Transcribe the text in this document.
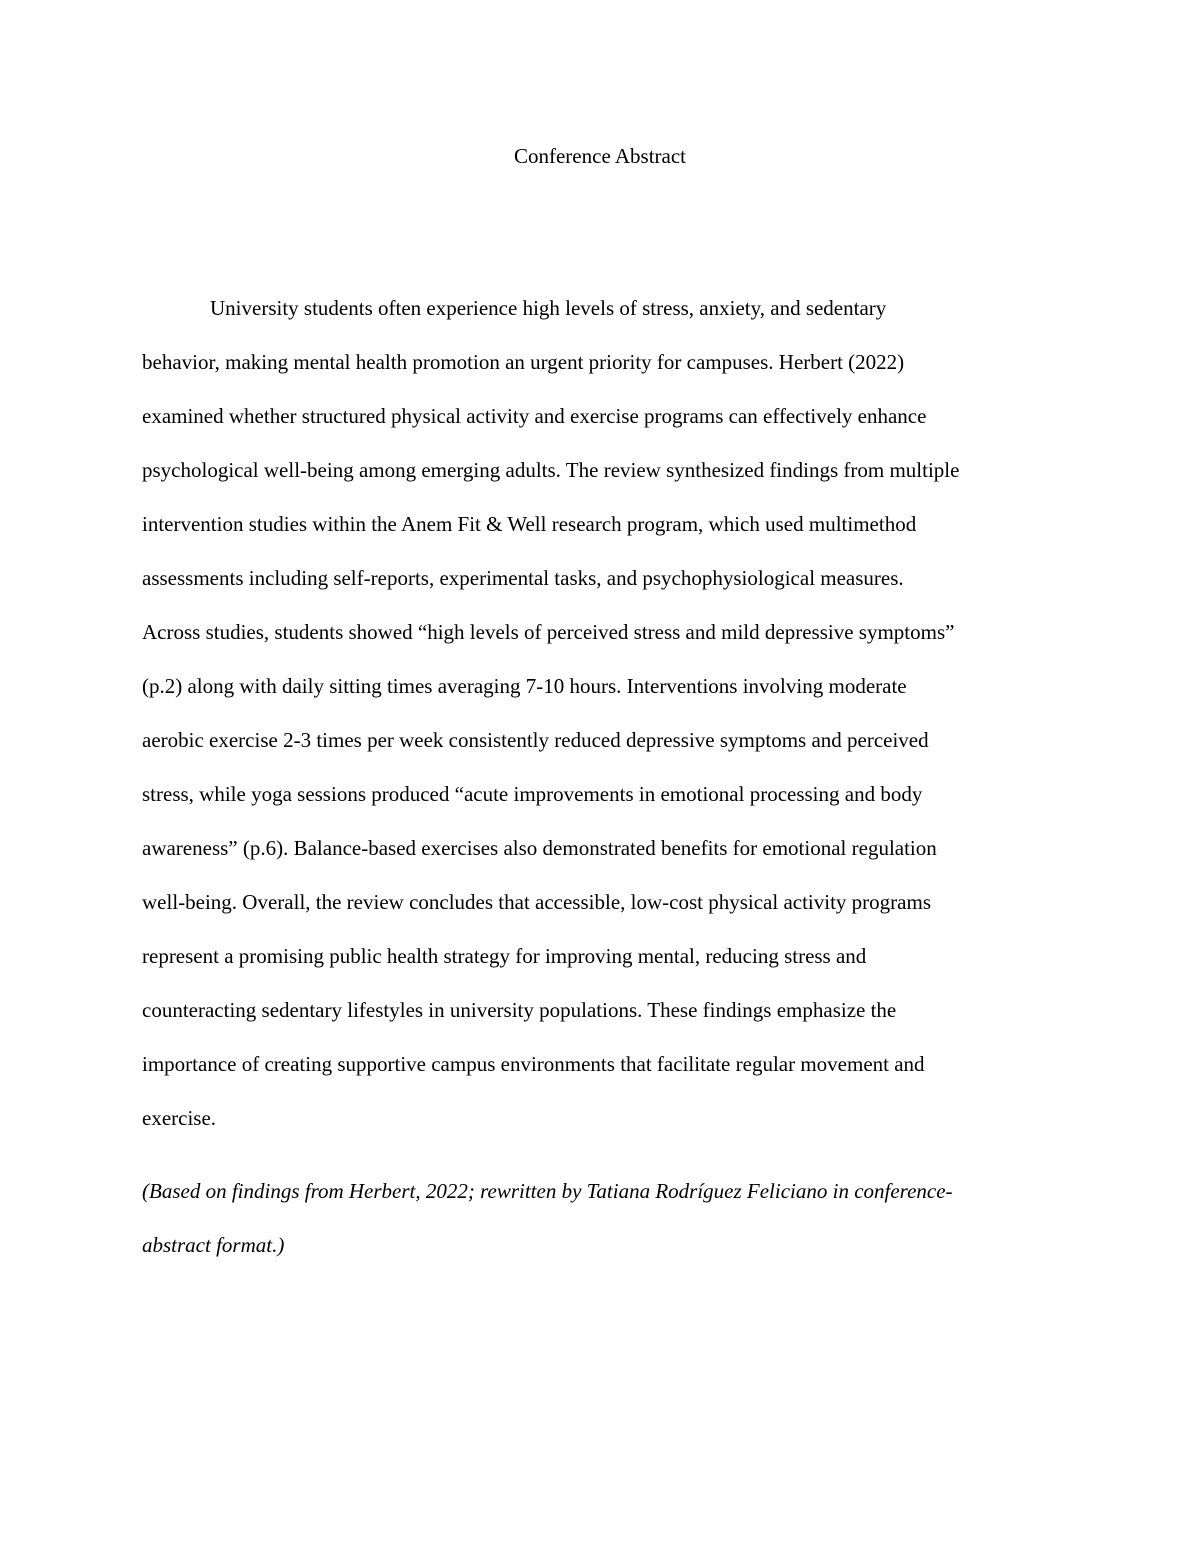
Conference Abstract
University students often experience high levels of stress, anxiety, and sedentary
behavior, making mental health promotion an urgent priority for campuses. Herbert (2022)
examined whether structured physical activity and exercise programs can effectively enhance
psychological well-being among emerging adults. The review synthesized findings from multiple
intervention studies within the Anem Fit & Well research program, which used multimethod
assessments including self-reports, experimental tasks, and psychophysiological measures.
Across studies, students showed “high levels of perceived stress and mild depressive symptoms”
(p.2) along with daily sitting times averaging 7-10 hours. Interventions involving moderate
aerobic exercise 2-3 times per week consistently reduced depressive symptoms and perceived
stress, while yoga sessions produced “acute improvements in emotional processing and body
awareness” (p.6). Balance-based exercises also demonstrated benefits for emotional regulation
well-being. Overall, the review concludes that accessible, low-cost physical activity programs
represent a promising public health strategy for improving mental, reducing stress and
counteracting sedentary lifestyles in university populations. These findings emphasize the
importance of creating supportive campus environments that facilitate regular movement and
exercise.
(Based on findings from Herbert, 2022; rewritten by Tatiana Rodríguez Feliciano in conference-
abstract format.)
